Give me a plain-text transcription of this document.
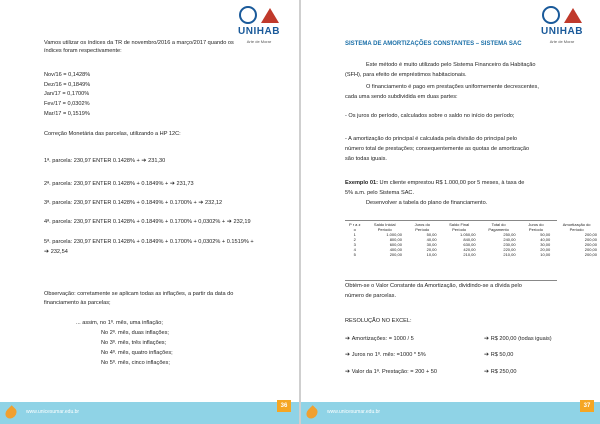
UNIHAB
Arte de Morar
Vamos utilizar os índices da TR de novembro/2016 a março/2017 quando os
índices foram respectivamente:
Nov/16 = 0,1428%
Dez/16 = 0,1849%
Jan/17 = 0,1700%
Fev/17 = 0,0302%
Mar/17 = 0,1519%
Correção Monetária das parcelas, utilizando a HP 12C:
1ª. parcela: 230,97 ENTER 0.1428% + ➔ 231,30
2ª. parcela: 230,97 ENTER 0.1428% + 0.1849% + ➔ 231,73
3ª. parcela: 230,97 ENTER 0.1428% + 0.1849% + 0.1700% + ➔ 232,12
4ª. parcela: 230,97 ENTER 0.1428% + 0.1849% + 0.1700% + 0,0302% + ➔ 232,19
5ª. parcela: 230,97 ENTER 0.1428% + 0.1849% + 0.1700% + 0,0302% + 0.1519% +
➔ 232,54
Observação: corretamente se aplicam todas as inflações, a partir da data do
financiamento às parcelas;
... assim, no 1º. mês, uma inflação;
No 2º. mês, duas inflações;
No 3º. mês, três inflações;
No 4º. mês, quatro inflações;
No 5º. mês, cinco inflações;
www.unicesumar.edu.br
36
UNIHAB
Arte de Morar
SISTEMA DE AMORTIZAÇÕES CONSTANTES – SISTEMA SAC
Este método é muito utilizado pelo Sistema Financeiro da Habitação
(SFH), para efeito de empréstimos habitacionais.
O financiamento é pago em prestações uniformemente decrescentes,
cada uma sendo subdividida em duas partes:
- Os juros do período, calculados sobre o saldo no início do período;
- A amortização do principal é calculada pela divisão do principal pelo
número total de prestações; consequentemente as quotas de amortização
são todas iguais.
Exemplo 01: Um cliente emprestou R$ 1.000,00 por 5 meses, à taxa de
5% a.m. pelo Sistema SAC.
Desenvolver a tabela do plano de financiamento.
P r a z o	Saldo Inicial Período	Juros do Período	Saldo Final Período	Total do Pagamento	Juros do Período	Amortização do Período
1	1.000,00	50,00	1.050,00	250,00	50,00	200,00
2	800,00	40,00	840,00	240,00	40,00	200,00
3	600,00	30,00	630,00	230,00	30,00	200,00
4	400,00	20,00	420,00	220,00	20,00	200,00
5	200,00	10,00	210,00	210,00	10,00	200,00
Obtém-se o Valor Constante da Amortização, dividindo-se a dívida pelo
número de parcelas.
RESOLUÇÃO NO EXCEL:
➔ Amortizações: = 1000 / 5	➔ R$ 200,00 (todas iguais)
➔ Juros no 1º. mês: =1000 * 5%	➔ R$ 50,00
➔ Valor da 1ª. Prestação: = 200 + 50	➔ R$ 250,00
www.unicesumar.edu.br
37
